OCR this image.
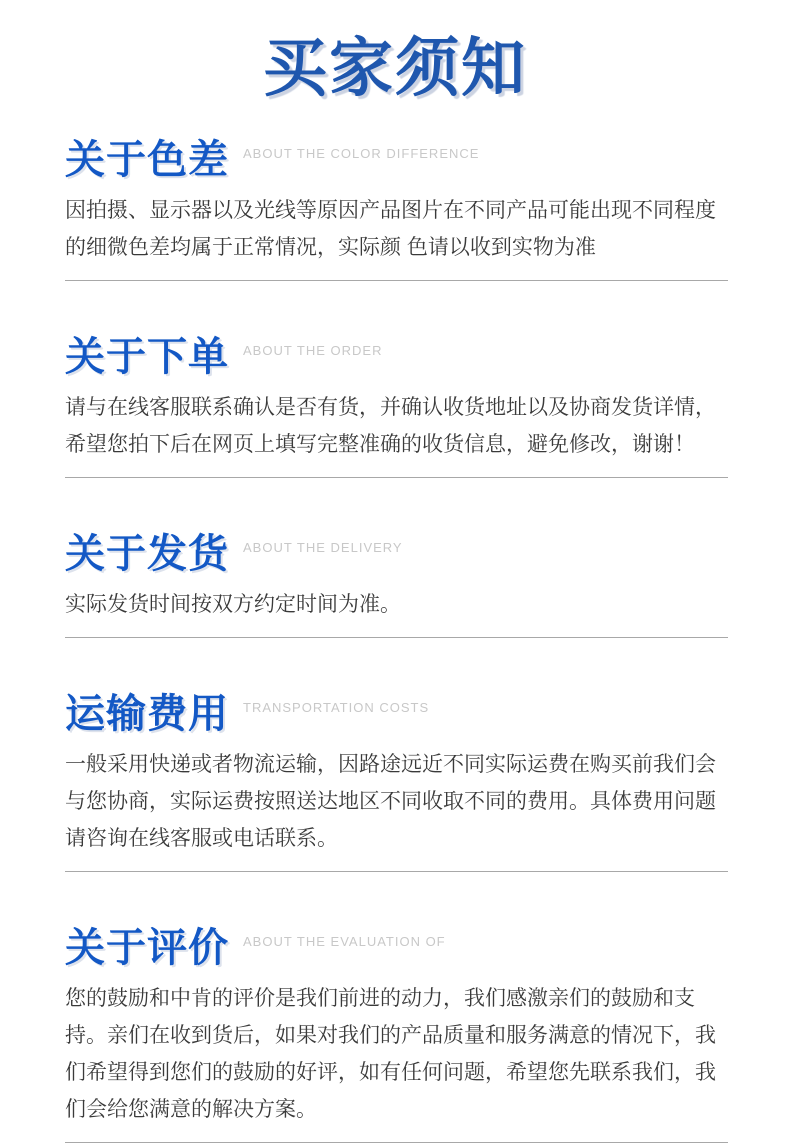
买家须知
关于色差 ABOUT THE COLOR DIFFERENCE

因拍摄、显示器以及光线等原因产品图片在不同产品可能出现不同程度的细微色差均属于正常情况，实际颜 色请以收到实物为准

关于下单 ABOUT THE ORDER

请与在线客服联系确认是否有货，并确认收货地址以及协商发货详情，希望您拍下后在网页上填写完整准确的收货信息，避免修改，谢谢！

关于发货 ABOUT THE DELIVERY

实际发货时间按双方约定时间为准。

运输费用 TRANSPORTATION COSTS

一般采用快递或者物流运输，因路途远近不同实际运费在购买前我们会与您协商，实际运费按照送达地区不同收取不同的费用。具体费用问题请咨询在线客服或电话联系。

关于评价 ABOUT THE EVALUATION OF

您的鼓励和中肯的评价是我们前进的动力，我们感激亲们的鼓励和支持。亲们在收到货后，如果对我们的产品质量和服务满意的情况下，我们希望得到您们的鼓励的好评，如有任何问题，希望您先联系我们，我们会给您满意的解决方案。
